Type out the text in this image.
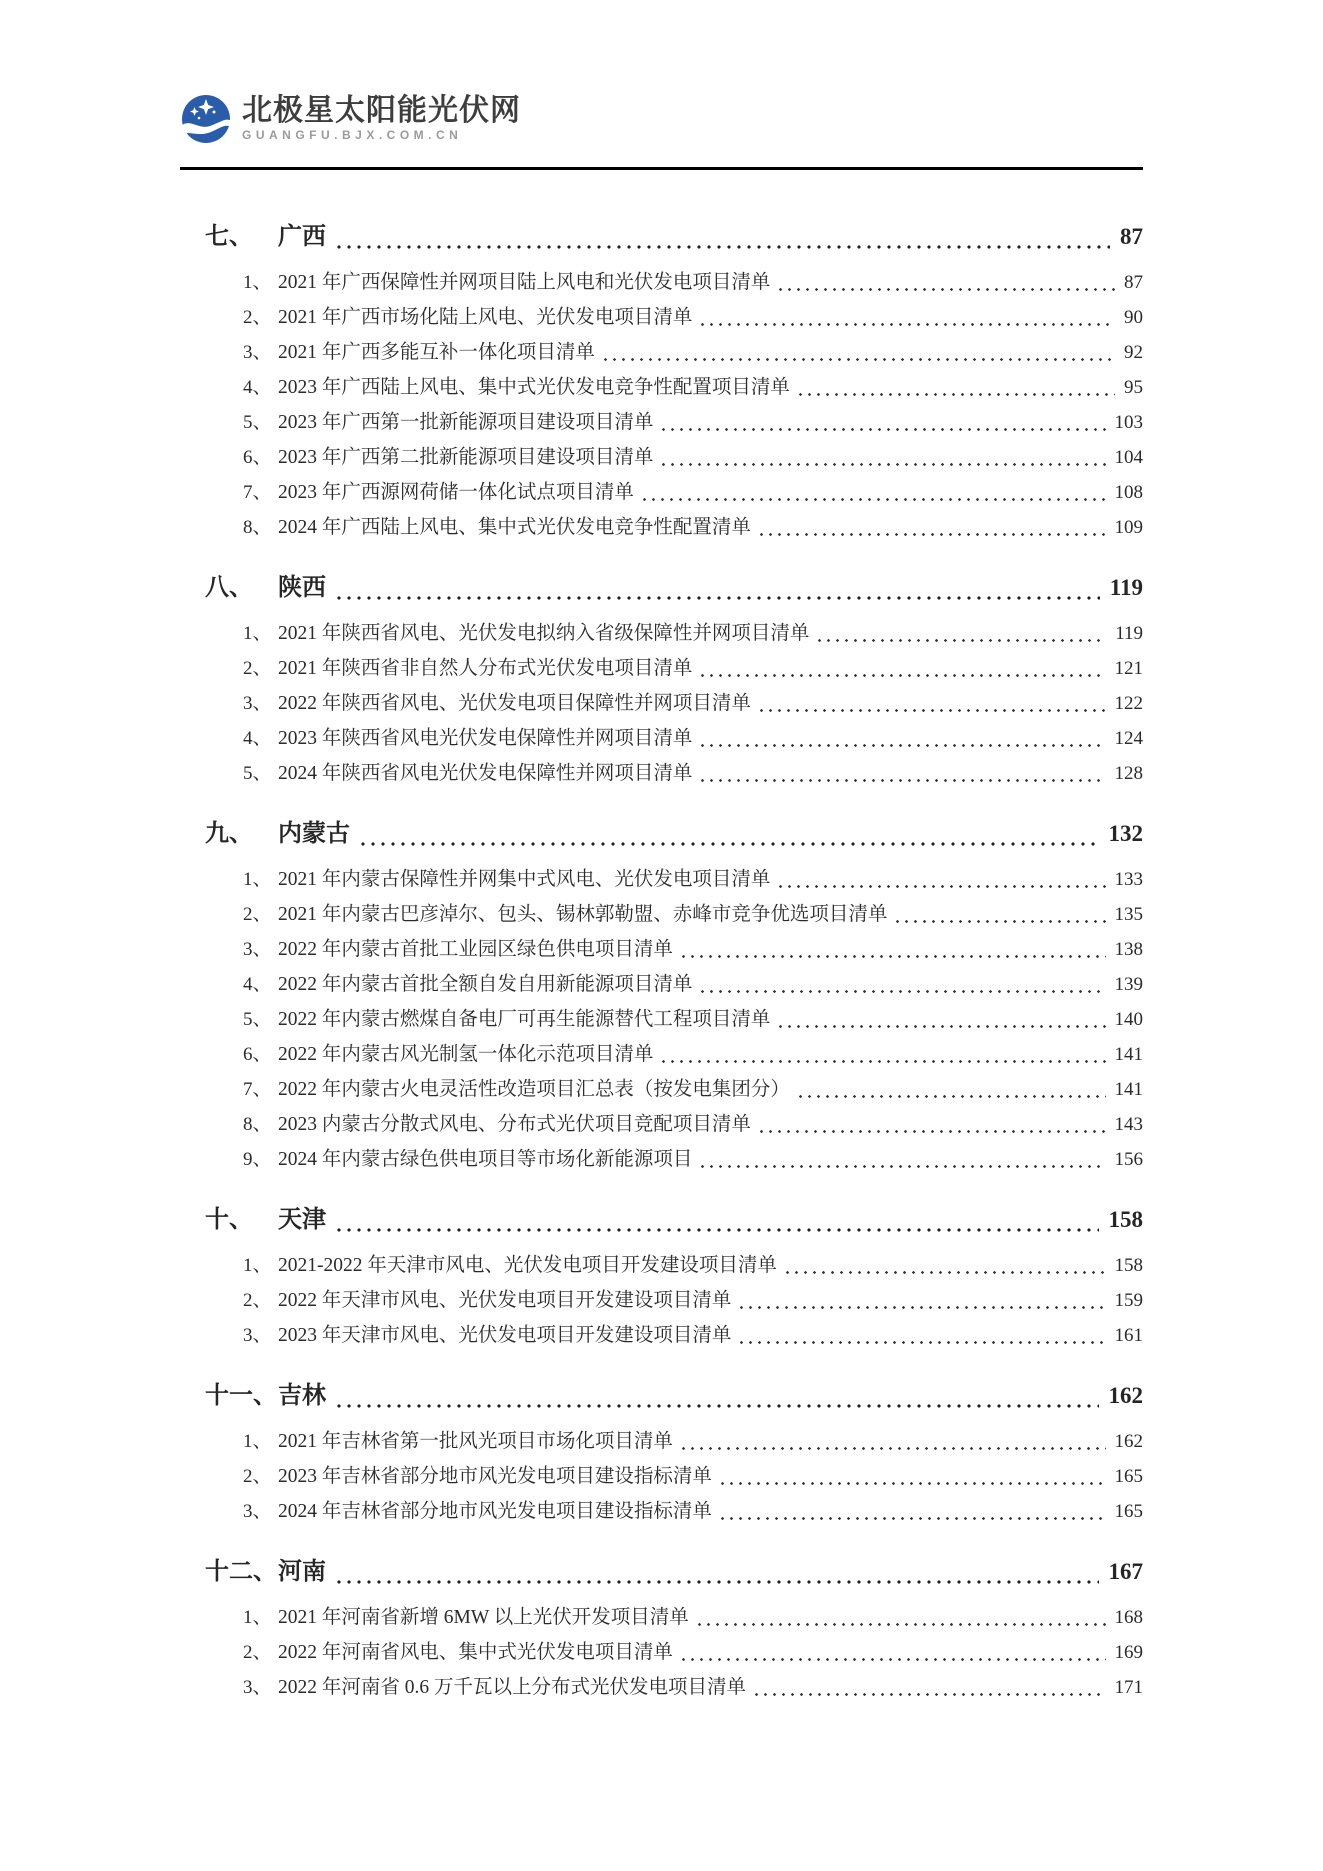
北极星太阳能光伏网
GUANGFU.BJX.COM.CN
七、	广西	87
1、 2021 年广西保障性并网项目陆上风电和光伏发电项目清单	87
2、 2021 年广西市场化陆上风电、光伏发电项目清单	90
3、 2021 年广西多能互补一体化项目清单	92
4、 2023 年广西陆上风电、集中式光伏发电竞争性配置项目清单	95
5、 2023 年广西第一批新能源项目建设项目清单	103
6、 2023 年广西第二批新能源项目建设项目清单	104
7、 2023 年广西源网荷储一体化试点项目清单	108
8、 2024 年广西陆上风电、集中式光伏发电竞争性配置清单	109
八、	陕西	119
1、 2021 年陕西省风电、光伏发电拟纳入省级保障性并网项目清单	119
2、 2021 年陕西省非自然人分布式光伏发电项目清单	121
3、 2022 年陕西省风电、光伏发电项目保障性并网项目清单	122
4、 2023 年陕西省风电光伏发电保障性并网项目清单	124
5、 2024 年陕西省风电光伏发电保障性并网项目清单	128
九、	内蒙古	132
1、 2021 年内蒙古保障性并网集中式风电、光伏发电项目清单	133
2、 2021 年内蒙古巴彦淖尔、包头、锡林郭勒盟、赤峰市竞争优选项目清单	135
3、 2022 年内蒙古首批工业园区绿色供电项目清单	138
4、 2022 年内蒙古首批全额自发自用新能源项目清单	139
5、 2022 年内蒙古燃煤自备电厂可再生能源替代工程项目清单	140
6、 2022 年内蒙古风光制氢一体化示范项目清单	141
7、 2022 年内蒙古火电灵活性改造项目汇总表（按发电集团分）	141
8、 2023 内蒙古分散式风电、分布式光伏项目竞配项目清单	143
9、 2024 年内蒙古绿色供电项目等市场化新能源项目	156
十、	天津	158
1、 2021-2022 年天津市风电、光伏发电项目开发建设项目清单	158
2、 2022 年天津市风电、光伏发电项目开发建设项目清单	159
3、 2023 年天津市风电、光伏发电项目开发建设项目清单	161
十一、 吉林	162
1、 2021 年吉林省第一批风光项目市场化项目清单	162
2、 2023 年吉林省部分地市风光发电项目建设指标清单	165
3、 2024 年吉林省部分地市风光发电项目建设指标清单	165
十二、 河南	167
1、 2021 年河南省新增 6MW 以上光伏开发项目清单	168
2、 2022 年河南省风电、集中式光伏发电项目清单	169
3、 2022 年河南省 0.6 万千瓦以上分布式光伏发电项目清单	171
